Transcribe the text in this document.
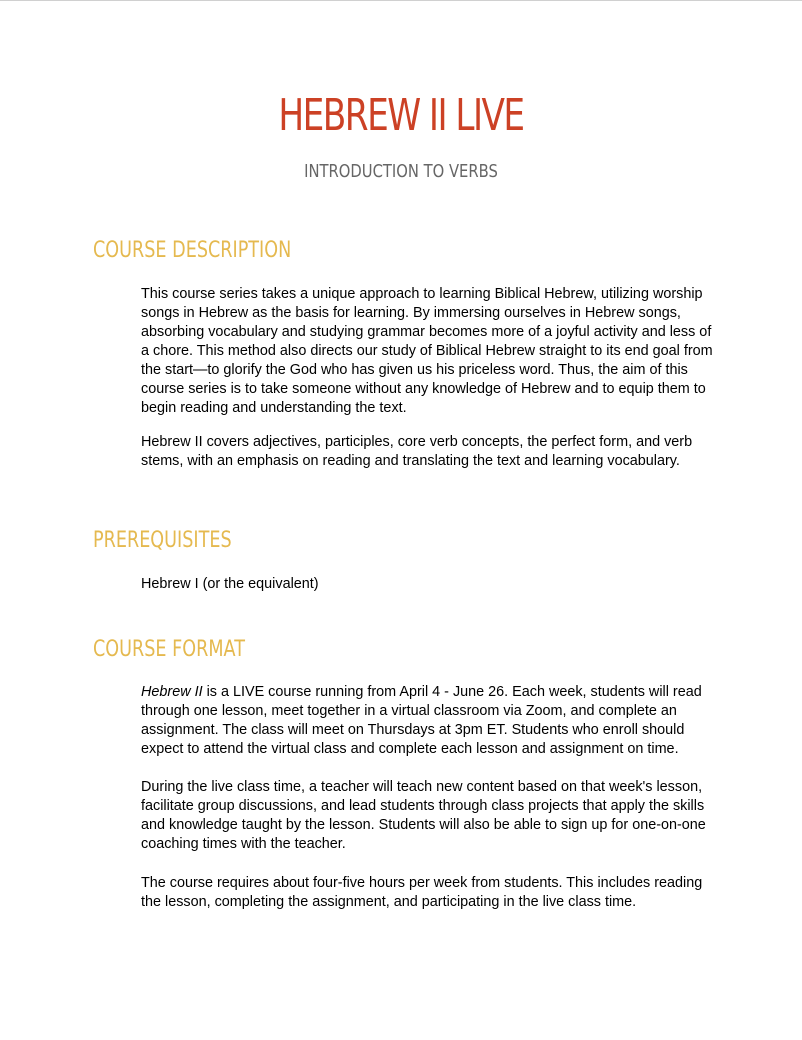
HEBREW II LIVE
INTRODUCTION TO VERBS
COURSE DESCRIPTION

This course series takes a unique approach to learning Biblical Hebrew, utilizing worship songs in Hebrew as the basis for learning. By immersing ourselves in Hebrew songs, absorbing vocabulary and studying grammar becomes more of a joyful activity and less of a chore. This method also directs our study of Biblical Hebrew straight to its end goal from the start—to glorify the God who has given us his priceless word. Thus, the aim of this course series is to take someone without any knowledge of Hebrew and to equip them to begin reading and understanding the text.

Hebrew II covers adjectives, participles, core verb concepts, the perfect form, and verb stems, with an emphasis on reading and translating the text and learning vocabulary.

PREREQUISITES

Hebrew I (or the equivalent)

COURSE FORMAT

Hebrew II is a LIVE course running from April 4 - June 26. Each week, students will read through one lesson, meet together in a virtual classroom via Zoom, and complete an assignment. The class will meet on Thursdays at 3pm ET. Students who enroll should expect to attend the virtual class and complete each lesson and assignment on time.

During the live class time, a teacher will teach new content based on that week's lesson, facilitate group discussions, and lead students through class projects that apply the skills and knowledge taught by the lesson. Students will also be able to sign up for one-on-one coaching times with the teacher.

The course requires about four-five hours per week from students. This includes reading the lesson, completing the assignment, and participating in the live class time.
